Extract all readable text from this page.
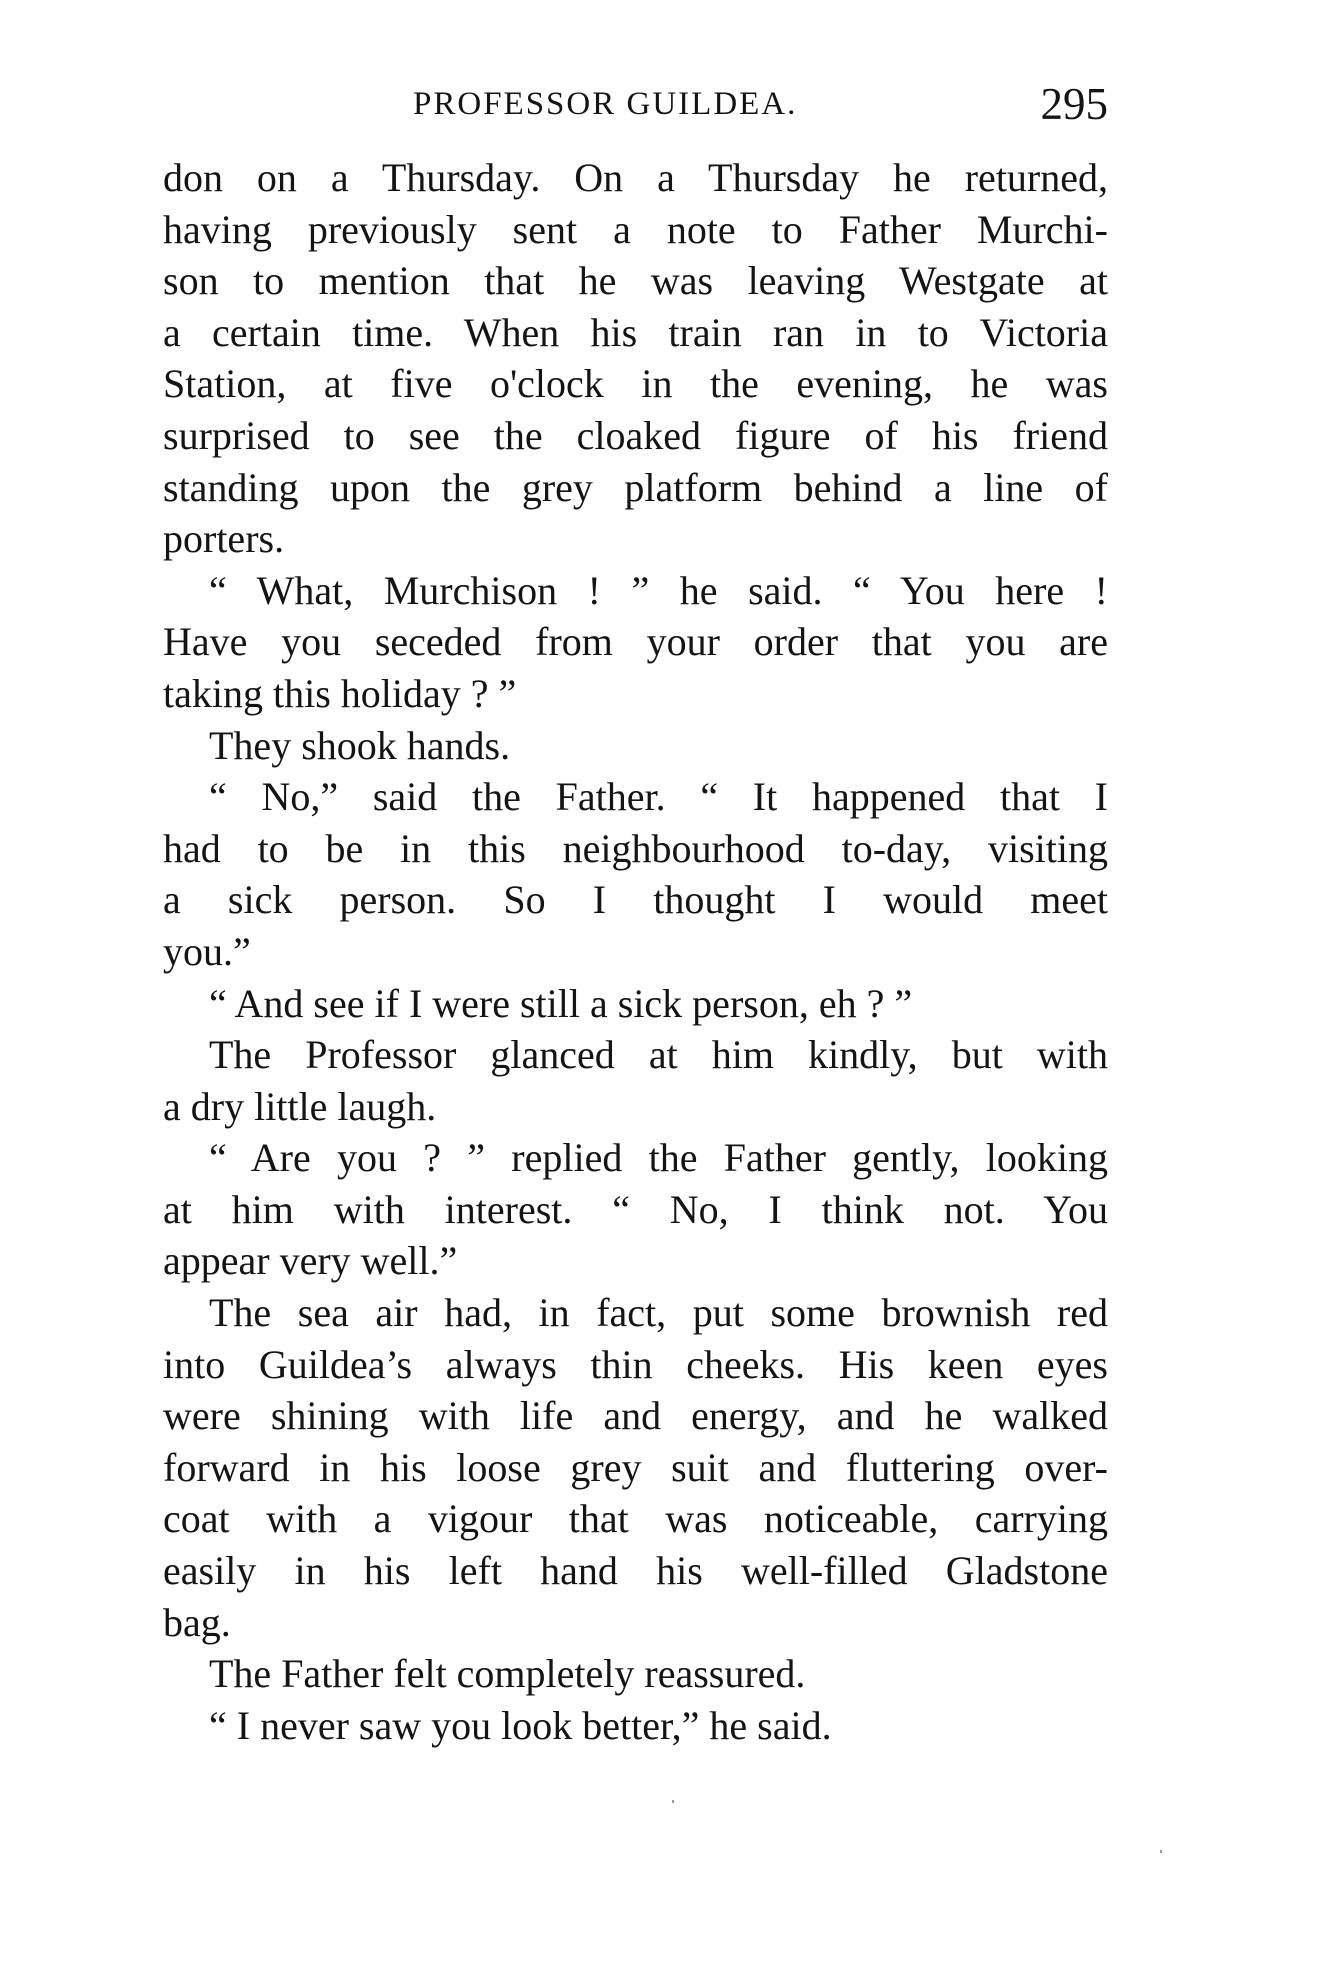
PROFESSOR GUILDEA.	295
don on a Thursday. On a Thursday he returned,
having previously sent a note to Father Murchi-
son to mention that he was leaving Westgate at
a certain time. When his train ran in to Victoria
Station, at five o'clock in the evening, he was
surprised to see the cloaked figure of his friend
standing upon the grey platform behind a line of
porters.
“ What, Murchison ! ” he said. “ You here !
Have you seceded from your order that you are
taking this holiday ? ”
They shook hands.
“ No,” said the Father. “ It happened that I
had to be in this neighbourhood to-day, visiting
a sick person. So I thought I would meet
you.”
“ And see if I were still a sick person, eh ? ”
The Professor glanced at him kindly, but with
a dry little laugh.
“ Are you ? ” replied the Father gently, looking
at him with interest. “ No, I think not. You
appear very well.”
The sea air had, in fact, put some brownish red
into Guildea’s always thin cheeks. His keen eyes
were shining with life and energy, and he walked
forward in his loose grey suit and fluttering over-
coat with a vigour that was noticeable, carrying
easily in his left hand his well-filled Gladstone
bag.
The Father felt completely reassured.
“ I never saw you look better,” he said.
